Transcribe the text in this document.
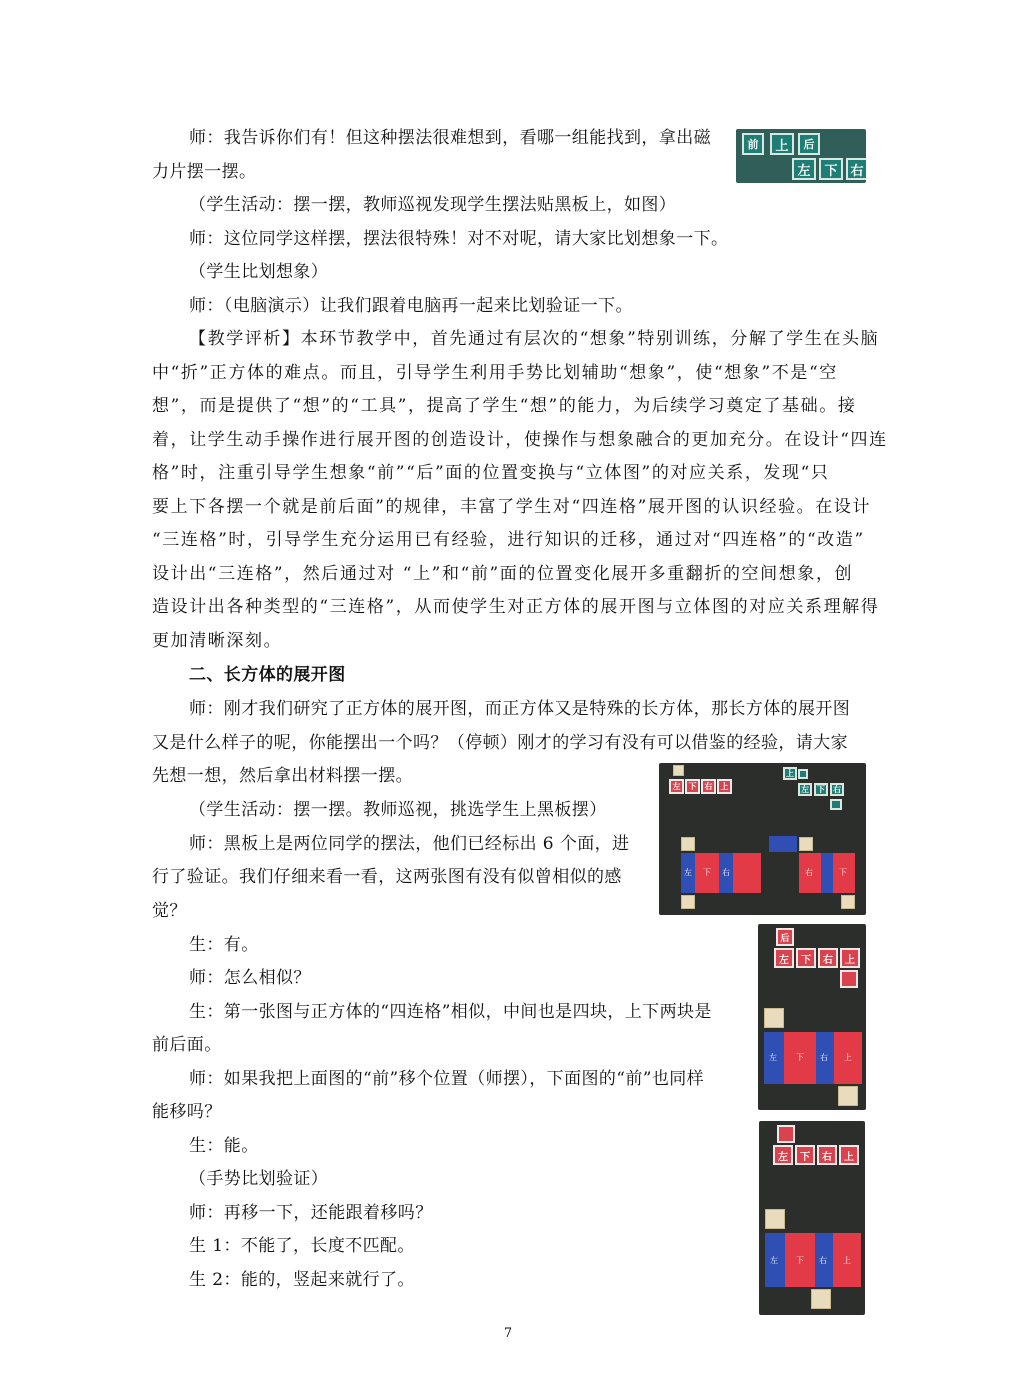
师：我告诉你们有！但这种摆法很难想到，看哪一组能找到，拿出磁
力片摆一摆。
（学生活动：摆一摆，教师巡视发现学生摆法贴黑板上，如图）
师：这位同学这样摆，摆法很特殊！对不对呢，请大家比划想象一下。
（学生比划想象）
师：（电脑演示）让我们跟着电脑再一起来比划验证一下。
【教学评析】本环节教学中，首先通过有层次的“想象”特别训练，分解了学生在头脑
中“折”正方体的难点。而且，引导学生利用手势比划辅助“想象”，使“想象”不是“空
想”，而是提供了“想”的“工具”，提高了学生“想”的能力，为后续学习奠定了基础。接
着，让学生动手操作进行展开图的创造设计，使操作与想象融合的更加充分。在设计“四连
格”时，注重引导学生想象“前”“后”面的位置变换与“立体图”的对应关系，发现“只
要上下各摆一个就是前后面”的规律，丰富了学生对“四连格”展开图的认识经验。在设计
“三连格”时，引导学生充分运用已有经验，进行知识的迁移，通过对“四连格”的“改造”
设计出“三连格”，然后通过对 “上”和“前”面的位置变化展开多重翻折的空间想象，创
造设计出各种类型的“三连格”，从而使学生对正方体的展开图与立体图的对应关系理解得
更加清晰深刻。
二、长方体的展开图
师：刚才我们研究了正方体的展开图，而正方体又是特殊的长方体，那长方体的展开图
又是什么样子的呢，你能摆出一个吗？（停顿）刚才的学习有没有可以借鉴的经验，请大家
先想一想，然后拿出材料摆一摆。
（学生活动：摆一摆。教师巡视，挑选学生上黑板摆）
师：黑板上是两位同学的摆法，他们已经标出 6 个面，进
行了验证。我们仔细来看一看，这两张图有没有似曾相似的感
觉？
生：有。
师：怎么相似？
生：第一张图与正方体的“四连格”相似，中间也是四块，上下两块是
前后面。
师：如果我把上面图的“前”移个位置（师摆），下面图的“前”也同样
能移吗？
生：能。
（手势比划验证）
师：再移一下，还能跟着移吗？
生 1：不能了，长度不匹配。
生 2：能的，竖起来就行了。
7
前	上	后
左	下 右
左	下	右	上
上
左	下	右
左 下 右	右	下
后
左	下	右	上
左 下 右 上
左	下	右	上
左 下 右 上
